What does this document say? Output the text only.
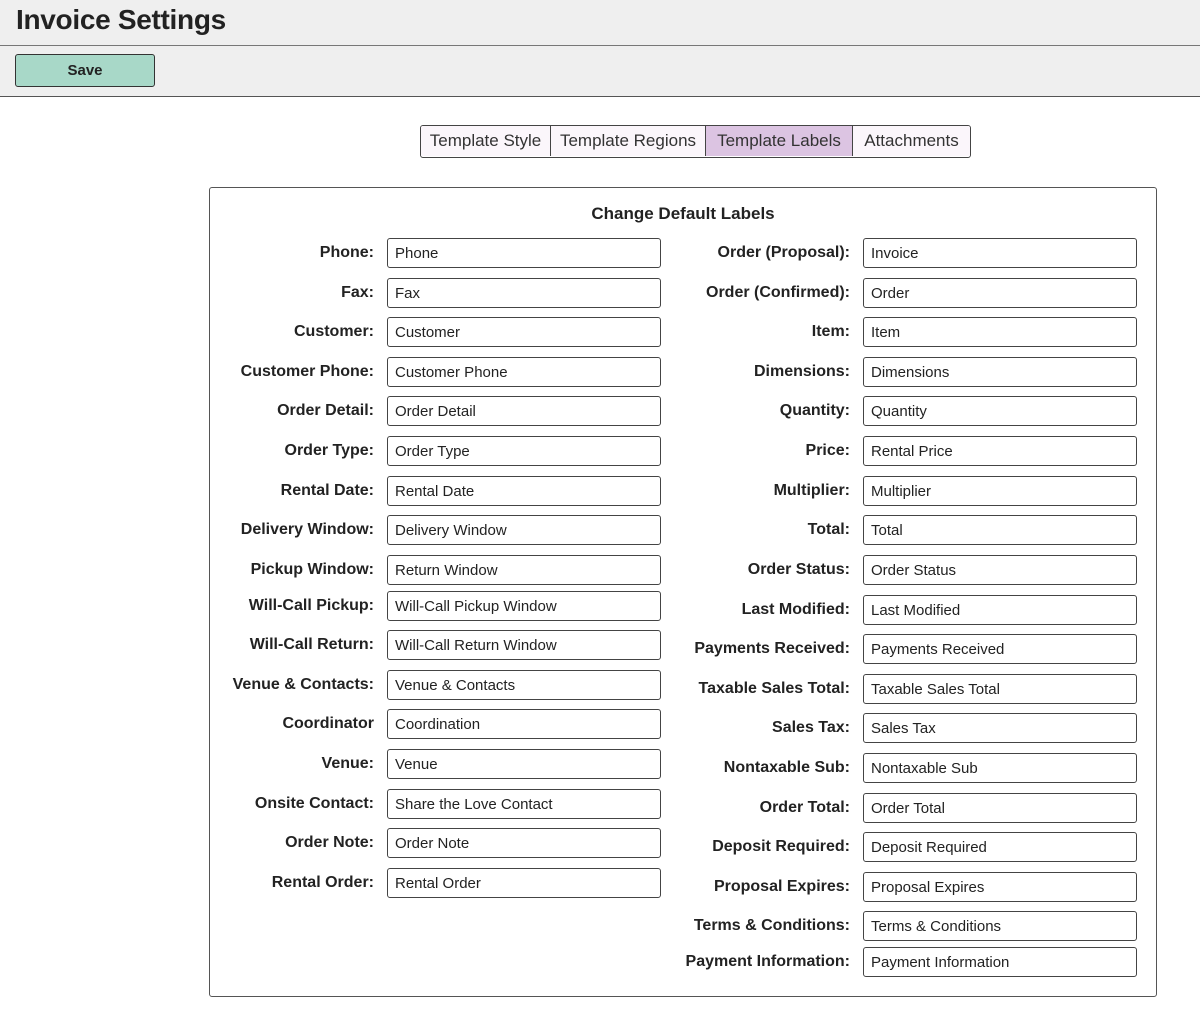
Invoice Settings
Save
Template Style	Template Regions	Template Labels	Attachments
Change Default Labels
Phone:
Phone
Fax:
Fax
Customer:
Customer
Customer Phone:
Customer Phone
Order Detail:
Order Detail
Order Type:
Order Type
Rental Date:
Rental Date
Delivery Window:
Delivery Window
Pickup Window:
Return Window
Will-Call Pickup:
Will-Call Pickup Window
Will-Call Return:
Will-Call Return Window
Venue & Contacts:
Venue & Contacts
Coordinator
Coordination
Venue:
Venue
Onsite Contact:
Share the Love Contact
Order Note:
Order Note
Rental Order:
Rental Order
Order (Proposal):
Invoice
Order (Confirmed):
Order
Item:
Item
Dimensions:
Dimensions
Quantity:
Quantity
Price:
Rental Price
Multiplier:
Multiplier
Total:
Total
Order Status:
Order Status
Last Modified:
Last Modified
Payments Received:
Payments Received
Taxable Sales Total:
Taxable Sales Total
Sales Tax:
Sales Tax
Nontaxable Sub:
Nontaxable Sub
Order Total:
Order Total
Deposit Required:
Deposit Required
Proposal Expires:
Proposal Expires
Terms & Conditions:
Terms & Conditions
Payment Information:
Payment Information
